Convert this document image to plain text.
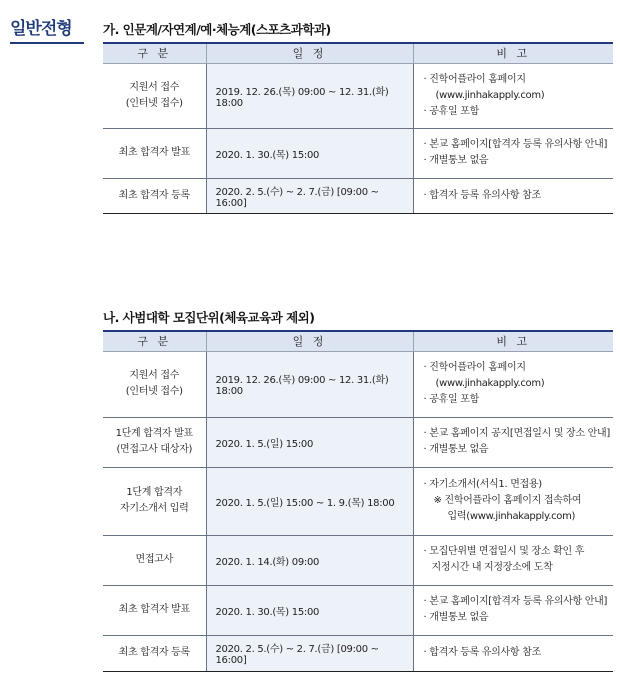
일반전형	가. 인문계/자연계/예·체능계(스포츠과학과)
구 분	일 정	비 고
지원서 접수
(인터넷 접수)	2019. 12. 26.(목) 09:00 ~ 12. 31.(화) 18:00	· 진학어플라이 홈페이지
(www.jinhakapply.com)
· 공휴일 포함
최초 합격자 발표	2020. 1. 30.(목) 15:00	· 본교 홈페이지[합격자 등록 유의사항 안내]
· 개별통보 없음
최초 합격자 등록	2020. 2. 5.(수) ~ 2. 7.(금) [09:00 ~ 16:00]	· 합격자 등록 유의사항 참조
나. 사범대학 모집단위(체육교육과 제외)
구 분	일 정	비 고
지원서 접수
(인터넷 접수)	2019. 12. 26.(목) 09:00 ~ 12. 31.(화) 18:00	· 진학어플라이 홈페이지
(www.jinhakapply.com)
· 공휴일 포함
1단계 합격자 발표
(면접고사 대상자)	2020. 1. 5.(일) 15:00	· 본교 홈페이지 공지[면접일시 및 장소 안내]
· 개별통보 없음
1단계 합격자
자기소개서 입력	2020. 1. 5.(일) 15:00 ~ 1. 9.(목) 18:00	· 자기소개서(서식1. 면접용)
※ 진학어플라이 홈페이지 접속하여
입력(www.jinhakapply.com)

면접고사	2020. 1. 14.(화) 09:00	· 모집단위별 면접일시 및 장소 확인 후
지정시간 내 지정장소에 도착

최초 합격자 발표	2020. 1. 30.(목) 15:00	· 본교 홈페이지[합격자 등록 유의사항 안내]
· 개별통보 없음
최초 합격자 등록	2020. 2. 5.(수) ~ 2. 7.(금) [09:00 ~ 16:00]	· 합격자 등록 유의사항 참조
